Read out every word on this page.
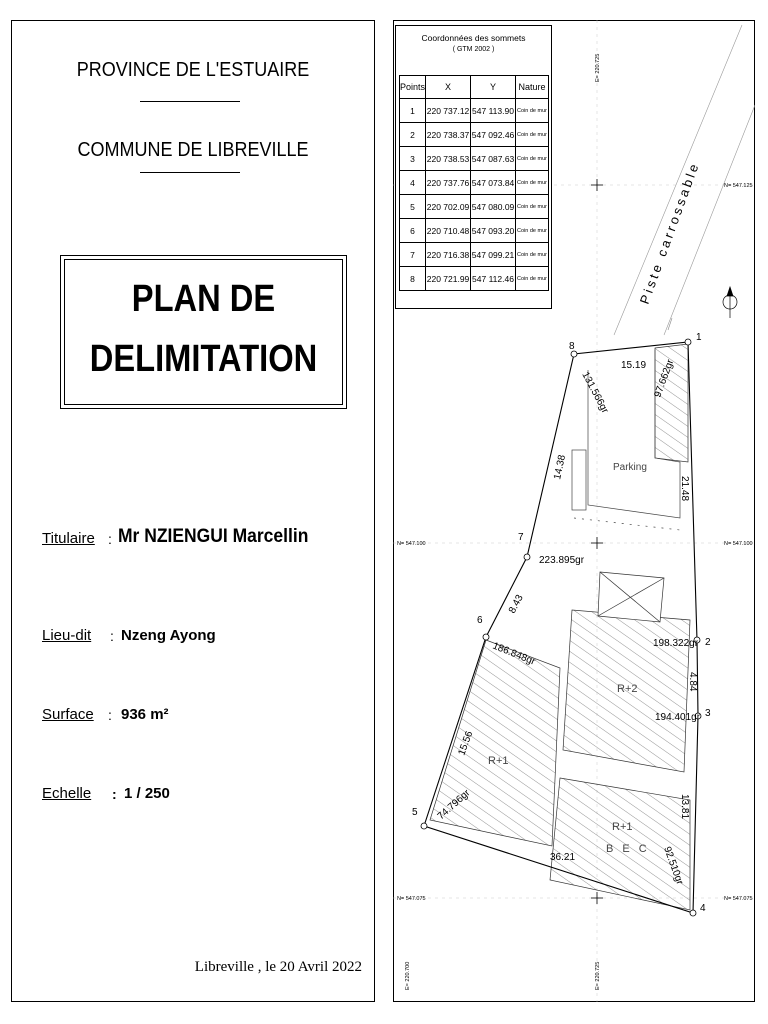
PROVINCE DE L'ESTUAIRE
COMMUNE DE LIBREVILLE
PLAN DE
DELIMITATION
Titulaire : Mr NZIENGUI Marcellin
Lieu-dit : Nzeng Ayong
Surface : 936 m²
Echelle : 1 / 250
Libreville , le 20 Avril 2022
Piste carrossable
1
2
3
4
5
6
7
8
15.19
21.48
4.84
13.81
36.21
15.56
8.43
14.38
97.662gr
198.322gr
194.401gr
92.510gr
74.796gr
186.848gr
223.895gr
131.566gr
Parking
R+2
R+1
R+1
B E C
E= 220.725
N= 547.125
N= 547.100	N= 547.100
N= 547.075	N= 547.075
E= 220.700	E= 220.725
Coordonnées des sommets
( GTM 2002 )
Points	X	Y	Nature
1	220 737.12	547 113.90	Coin de mur
2	220 738.37	547 092.46	Coin de mur
3	220 738.53	547 087.63	Coin de mur
4	220 737.76	547 073.84	Coin de mur
5	220 702.09	547 080.09	Coin de mur
6	220 710.48	547 093.20	Coin de mur
7	220 716.38	547 099.21	Coin de mur
8	220 721.99	547 112.46	Coin de mur
